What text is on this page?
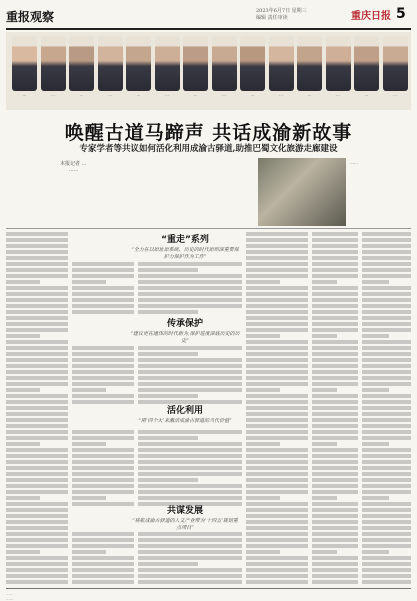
重报观察	2023年6月7日 星期三
编辑 责任审读	重庆日报 5
...	...	...	...	...	...	...	...	...	...	...	...	...	...
唤醒古道马蹄声 共话成渝新故事
专家学者等共议如何活化利用成渝古驿道,助推巴蜀文化旅游走廊建设
本报记者 …
……
……
“重走”系列
“全力在以原址原系统、历史的时代原则深重要保护力保护作为工作”
传承保护
“建议更在通体的时代新为,保护进度深底历史的历史”
活化利用
“用‘四个大’来激活成渝古驿道的当代价值”
共谋发展
“将航成渝古驿道的人文产业带为‘十四五’规划重点项目”
……
……
